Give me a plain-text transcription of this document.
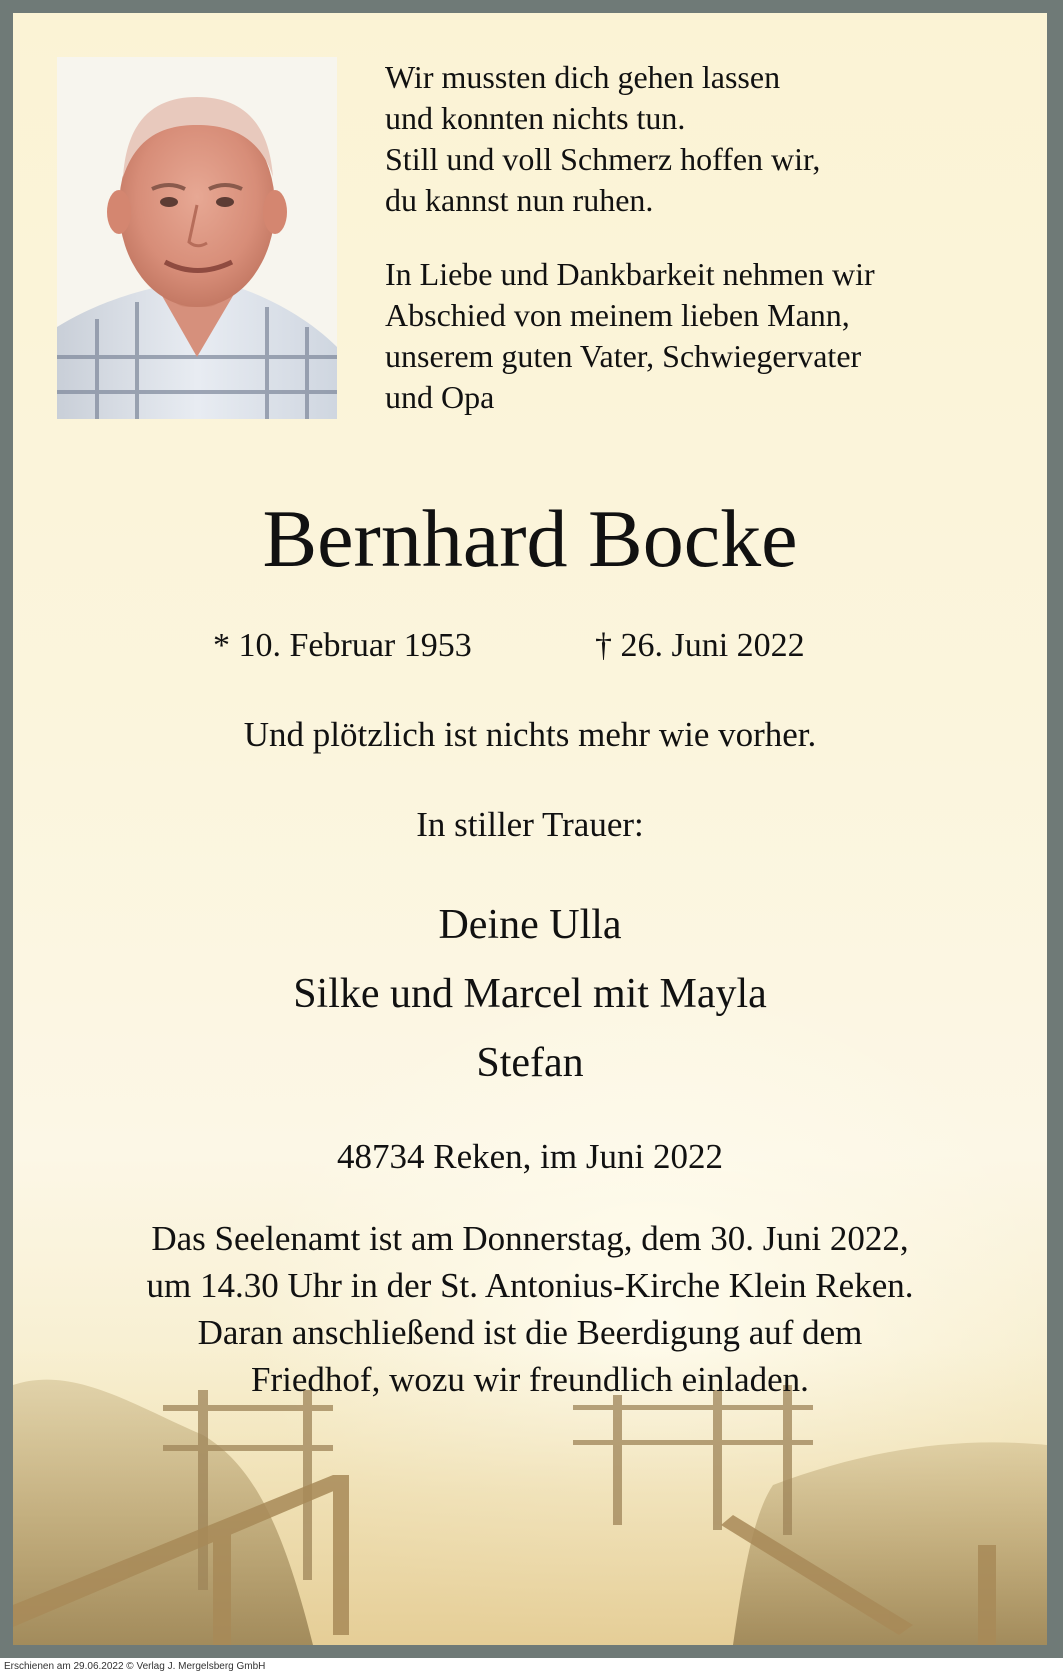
Wir mussten dich gehen lassen

und konnten nichts tun.

Still und voll Schmerz hoffen wir,

du kannst nun ruhen.

In Liebe und Dankbarkeit nehmen wir

Abschied von meinem lieben Mann,

unserem guten Vater, Schwiegervater

und Opa

Bernhard Bocke
* 10. Februar 1953	† 26. Juni 2022
Und plötzlich ist nichts mehr wie vorher.
In stiller Trauer:
Deine Ulla
Silke und Marcel mit Mayla
Stefan
48734 Reken, im Juni 2022
Das Seelenamt ist am Donnerstag, dem 30. Juni 2022,
um 14.30 Uhr in der St. Antonius-Kirche Klein Reken.
Daran anschließend ist die Beerdigung auf dem
Friedhof, wozu wir freundlich einladen.
Erschienen am 29.06.2022 © Verlag J. Mergelsberg GmbH
